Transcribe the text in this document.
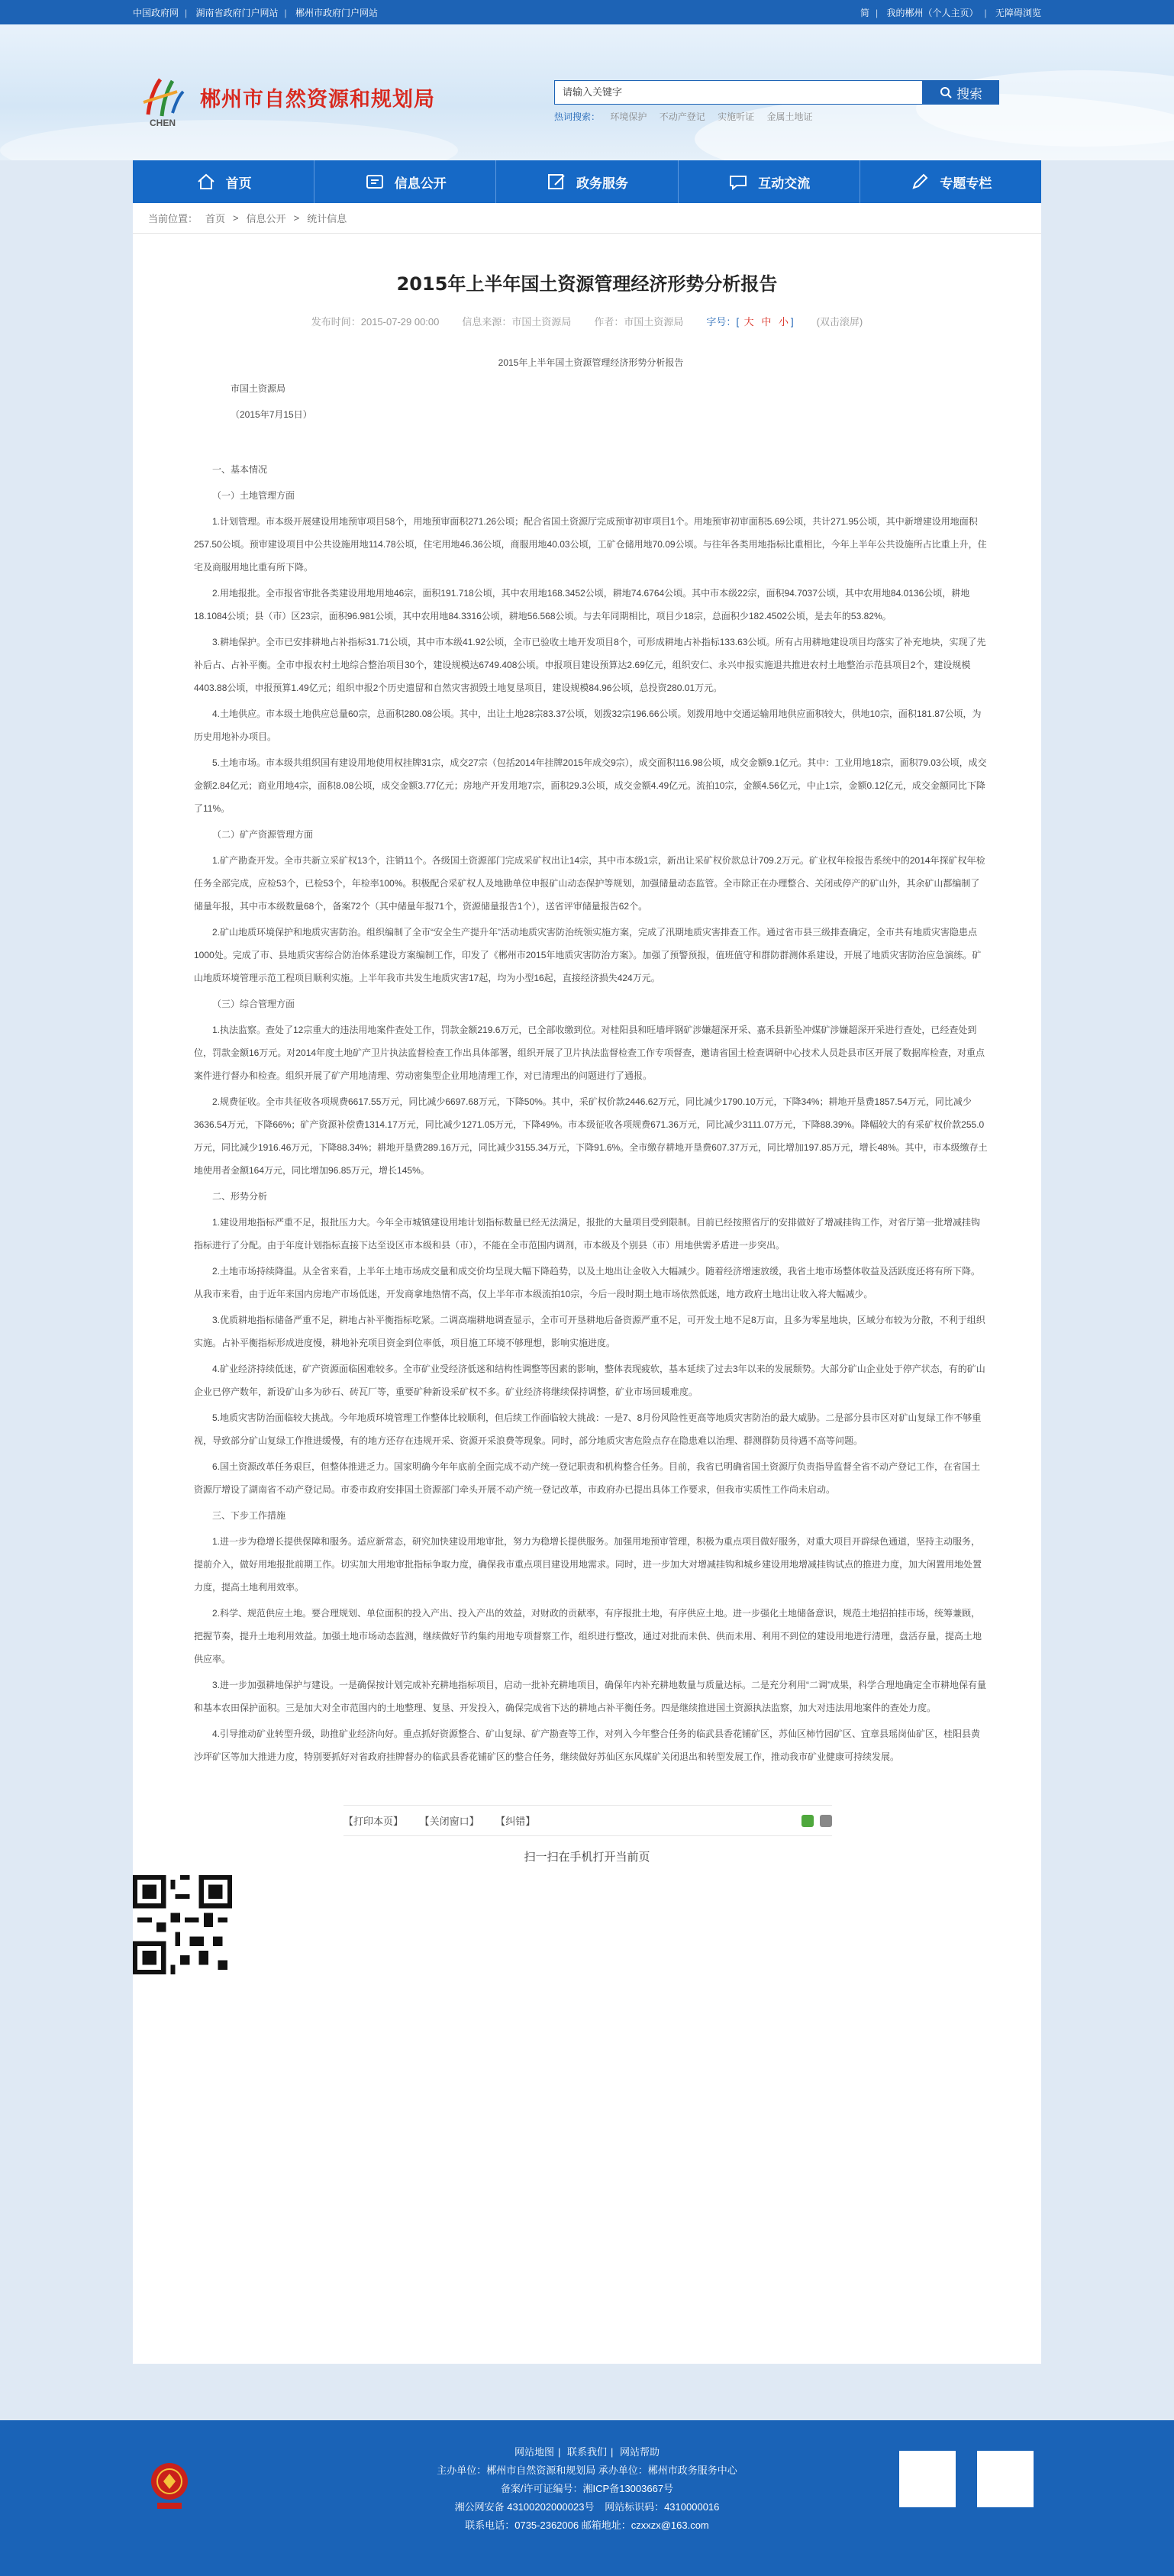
中国政府网 | 湖南省政府门户网站 | 郴州市政府门户网站	简 | 我的郴州（个人主页） | 无障碍浏览
CHEN
郴州市自然资源和规划局	请输入关键字	搜索
热词搜索： 环境保护 不动产登记 实施听证 金属土地证
首页	信息公开	政务服务	互动交流	专题专栏
当前位置： 首页 > 信息公开 > 统计信息
2015年上半年国土资源管理经济形势分析报告
发布时间：2015-07-29 00:00 信息来源：市国土资源局 作者：市国土资源局 字号：[ 大 中 小 ] (双击滚屏)

2015年上半年国土资源管理经济形势分析报告

市国土资源局

（2015年7月15日）

一、基本情况

（一）土地管理方面

1.计划管理。市本级开展建设用地预审项目58个，用地预审面积271.26公顷；配合省国土资源厅完成预审初审项目1个。用地预审初审面积5.69公顷，共计271.95公顷，其中新增建设用地面积257.50公顷。预审建设项目中公共设施用地114.78公顷，住宅用地46.36公顷，商服用地40.03公顷，工矿仓储用地70.09公顷。与往年各类用地指标比重相比，今年上半年公共设施所占比重上升，住宅及商服用地比重有所下降。

2.用地报批。全市报省审批各类建设用地用地46宗，面积191.718公顷，其中农用地168.3452公顷，耕地74.6764公顷。其中市本级22宗，面积94.7037公顷，其中农用地84.0136公顷，耕地18.1084公顷；县（市）区23宗，面积96.981公顷，其中农用地84.3316公顷，耕地56.568公顷。与去年同期相比，项目少18宗，总面积少182.4502公顷，是去年的53.82%。

3.耕地保护。全市已安排耕地占补指标31.71公顷，其中市本级41.92公顷，全市已验收土地开发项目8个，可形成耕地占补指标133.63公顷。所有占用耕地建设项目均落实了补充地块，实现了先补后占、占补平衡。全市申报农村土地综合整治项目30个，建设规模达6749.408公顷。申报项目建设预算达2.69亿元，组织安仁、永兴申报实施退共推进农村土地整治示范县项目2个，建设规模4403.88公顷，申报预算1.49亿元；组织申报2个历史遗留和自然灾害损毁土地复垦项目，建设规模84.96公顷，总投资280.01万元。

4.土地供应。市本级土地供应总量60宗，总面积280.08公顷。其中，出让土地28宗83.37公顷，划拨32宗196.66公顷。划拨用地中交通运输用地供应面积较大，供地10宗，面积181.87公顷，为历史用地补办项目。

5.土地市场。市本级共组织国有建设用地使用权挂牌31宗，成交27宗（包括2014年挂牌2015年成交9宗），成交面积116.98公顷，成交金额9.1亿元。其中：工业用地18宗，面积79.03公顷，成交金额2.84亿元；商业用地4宗，面积8.08公顷，成交金额3.77亿元；房地产开发用地7宗，面积29.3公顷，成交金额4.49亿元。流拍10宗，金额4.56亿元，中止1宗，金额0.12亿元，成交金额同比下降了11%。

（二）矿产资源管理方面

1.矿产勘查开发。全市共新立采矿权13个，注销11个。各级国土资源部门完成采矿权出让14宗，其中市本级1宗，新出让采矿权价款总计709.2万元。矿业权年检报告系统中的2014年探矿权年检任务全部完成，应检53个，已检53个，年检率100%。积极配合采矿权人及地勘单位申报矿山动态保护等规划，加强储量动态监管。全市除正在办理整合、关闭或停产的矿山外，其余矿山都编制了储量年报，其中市本级数量68个，备案72个（其中储量年报71个，资源储量报告1个），送省评审储量报告62个。

2.矿山地质环境保护和地质灾害防治。组织编制了全市“安全生产提升年”活动地质灾害防治统领实施方案，完成了汛期地质灾害排查工作。通过省市县三级排查确定，全市共有地质灾害隐患点1000处。完成了市、县地质灾害综合防治体系建设方案编制工作，印发了《郴州市2015年地质灾害防治方案》。加强了预警预报，值班值守和群防群测体系建设，开展了地质灾害防治应急演练。矿山地质环境管理示范工程项目顺利实施。上半年我市共发生地质灾害17起，均为小型16起，直接经济损失424万元。

（三）综合管理方面

1.执法监察。查处了12宗重大的违法用地案件查处工作，罚款金额219.6万元，已全部收缴到位。对桂阳县和旺墙坪钢矿涉嫌超深开采、嘉禾县新坠冲煤矿涉嫌超深开采进行查处，已经查处到位，罚款金额16万元。对2014年度土地矿产卫片执法监督检查工作出具体部署，组织开展了卫片执法监督检查工作专项督查，邀请省国土检查调研中心技术人员赴县市区开展了数据库检查，对重点案件进行督办和检查。组织开展了矿产用地清理、劳动密集型企业用地清理工作，对已清理出的问题进行了通报。

2.规费征收。全市共征收各项规费6617.55万元，同比减少6697.68万元，下降50%。其中，采矿权价款2446.62万元，同比减少1790.10万元，下降34%；耕地开垦费1857.54万元，同比减少3636.54万元，下降66%；矿产资源补偿费1314.17万元，同比减少1271.05万元，下降49%。市本级征收各项规费671.36万元，同比减少3111.07万元，下降88.39%。降幅较大的有采矿权价款255.0万元，同比减少1916.46万元，下降88.34%；耕地开垦费289.16万元，同比减少3155.34万元，下降91.6%。全市缴存耕地开垦费607.37万元，同比增加197.85万元，增长48%。其中，市本级缴存土地使用者金额164万元，同比增加96.85万元，增长145%。

二、形势分析

1.建设用地指标严重不足，报批压力大。今年全市城镇建设用地计划指标数量已经无法满足，报批的大量项目受到限制。目前已经按照省厅的安排做好了增减挂钩工作，对省厅第一批增减挂钩指标进行了分配。由于年度计划指标直接下达至设区市本级和县（市），不能在全市范围内调剂，市本级及个别县（市）用地供需矛盾进一步突出。

2.土地市场持续降温。从全省来看，上半年土地市场成交量和成交价均呈现大幅下降趋势，以及土地出让金收入大幅减少。随着经济增速放缓，我省土地市场整体收益及活跃度还将有所下降。从我市来看，由于近年来国内房地产市场低迷，开发商拿地热情不高，仅上半年市本级流拍10宗，今后一段时期土地市场依然低迷，地方政府土地出让收入将大幅减少。

3.优质耕地指标储备严重不足，耕地占补平衡指标吃紧。二调高端耕地调查显示，全市可开垦耕地后备资源严重不足，可开发土地不足8万亩，且多为零星地块，区域分布较为分散，不利于组织实施。占补平衡指标形成进度慢，耕地补充项目资金到位率低，项目施工环境不够理想，影响实施进度。

4.矿业经济持续低迷，矿产资源面临困难较多。全市矿业受经济低迷和结构性调整等因素的影响，整体表现疲软，基本延续了过去3年以来的发展颓势。大部分矿山企业处于停产状态，有的矿山企业已停产数年，新设矿山多为砂石、砖瓦厂等，重要矿种新设采矿权不多。矿业经济将继续保持调整，矿业市场回暖难度。

5.地质灾害防治面临较大挑战。今年地质环境管理工作整体比较顺利，但后续工作面临较大挑战：一是7、8月份风险性更高等地质灾害防治的最大威胁。二是部分县市区对矿山复绿工作不够重视，导致部分矿山复绿工作推进缓慢，有的地方还存在违规开采、资源开采浪费等现象。同时，部分地质灾害危险点存在隐患难以治理、群测群防员待遇不高等问题。

6.国土资源改革任务艰巨，但整体推进乏力。国家明确今年年底前全面完成不动产统一登记职责和机构整合任务。目前，我省已明确省国土资源厅负责指导监督全省不动产登记工作，在省国土资源厅增设了湖南省不动产登记局。市委市政府安排国土资源部门牵头开展不动产统一登记改革，市政府办已提出具体工作要求，但我市实质性工作尚未启动。

三、下步工作措施

1.进一步为稳增长提供保障和服务。适应新常态，研究加快建设用地审批，努力为稳增长提供服务。加强用地预审管理，积极为重点项目做好服务，对重大项目开辟绿色通道，坚持主动服务，提前介入，做好用地报批前期工作。切实加大用地审批指标争取力度，确保我市重点项目建设用地需求。同时，进一步加大对增减挂钩和城乡建设用地增减挂钩试点的推进力度，加大闲置用地处置力度，提高土地利用效率。

2.科学、规范供应土地。要合理规划、单位面积的投入产出、投入产出的效益，对财政的贡献率，有序报批土地，有序供应土地。进一步强化土地储备意识，规范土地招拍挂市场，统筹兼顾，把握节奏，提升土地利用效益。加强土地市场动态监测，继续做好节约集约用地专项督察工作，组织进行整改，通过对批而未供、供而未用、利用不到位的建设用地进行清理，盘活存量，提高土地供应率。

3.进一步加强耕地保护与建设。一是确保按计划完成补充耕地指标项目，启动一批补充耕地项目，确保年内补充耕地数量与质量达标。二是充分利用“二调”成果，科学合理地确定全市耕地保有量和基本农田保护面积。三是加大对全市范围内的土地整理、复垦、开发投入，确保完成省下达的耕地占补平衡任务。四是继续推进国土资源执法监察，加大对违法用地案件的查处力度。

4.引导推动矿业转型升级，助推矿业经济向好。重点抓好资源整合、矿山复绿、矿产勘查等工作，对列入今年整合任务的临武县香花铺矿区，苏仙区柿竹园矿区、宜章县瑶岗仙矿区，桂阳县黄沙坪矿区等加大推进力度，特别要抓好对省政府挂牌督办的临武县香花铺矿区的整合任务，继续做好苏仙区东风煤矿关闭退出和转型发展工作，推动我市矿业健康可持续发展。

【打印本页】 【关闭窗口】 【纠错】
扫一扫在手机打开当前页
网站地图 | 联系我们 | 网站帮助
主办单位：郴州市自然资源和规划局 承办单位：郴州市政务服务中心
备案/许可证编号：湘ICP备13003667号
湘公网安备 43100202000023号 网站标识码：4310000016
联系电话：0735-2362006 邮箱地址：czxxzx@163.com
